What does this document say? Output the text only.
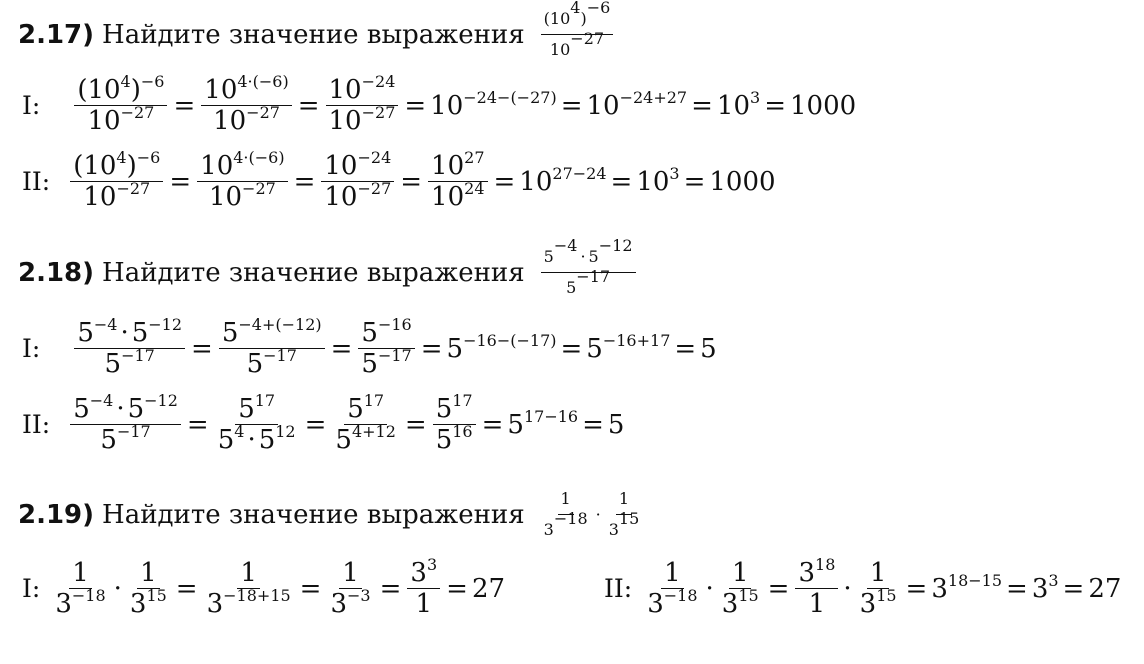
2.17) Найдите значение выражения $\frac{(10^4)^{-6}}{10^{-27}}$
I: $\frac{(10^4)^{-6}}{10^{-27}} = \frac{10^{4\cdot(-6)}}{10^{-27}} = \frac{10^{-24}}{10^{-27}} = 10^{-24-(-27)} = 10^{-24+27} = 10^3 = 1000$
II: $\frac{(10^4)^{-6}}{10^{-27}} = \frac{10^{4\cdot(-6)}}{10^{-27}} = \frac{10^{-24}}{10^{-27}} = \frac{10^{27}}{10^{24}} = 10^{27-24} = 10^3 = 1000$
2.18) Найдите значение выражения $\frac{5^{-4}\cdot 5^{-12}}{5^{-17}}$
I: $\frac{5^{-4} \cdot 5^{-12}}{5^{-17}} = \frac{5^{-4+(-12)}}{5^{-17}} = \frac{5^{-16}}{5^{-17}} = 5^{-16-(-17)} = 5^{-16+17} = 5$
II: $\frac{5^{-4} \cdot 5^{-12}}{5^{-17}} = \frac{5^{17}}{5^4 \cdot 5^{12}} = \frac{5^{17}}{5^{4+12}} = \frac{5^{17}}{5^{16}} = 5^{17-16} = 5$
2.19) Найдите значение выражения $\frac{1}{3^{-18}} \cdot \frac{1}{3^{15}}$
I: $\frac{1}{3^{-18}} \cdot \frac{1}{3^{15}} = \frac{1}{3^{-18+15}} = \frac{1}{3^{-3}} = \frac{3^3}{1} = 27$	II: $\frac{1}{3^{-18}} \cdot \frac{1}{3^{15}} = \frac{3^{18}}{1} \cdot \frac{1}{3^{15}} = 3^{18-15} = 3^3 = 27$
